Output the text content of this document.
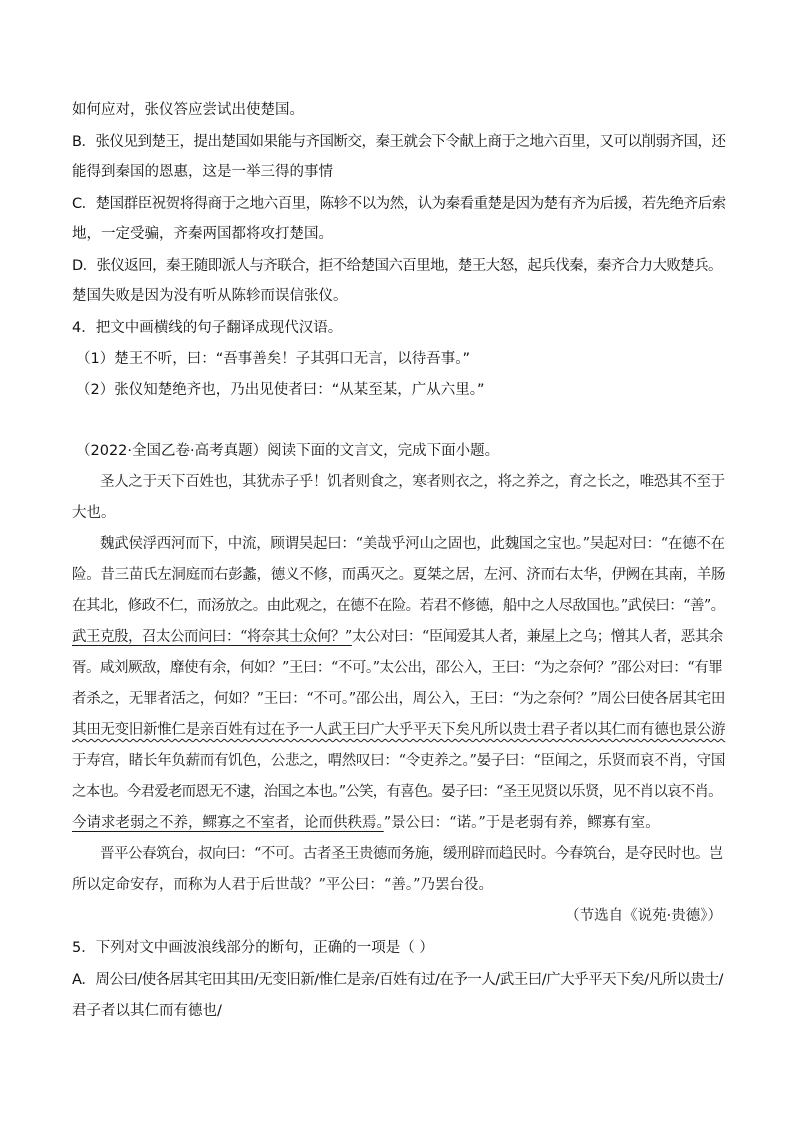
如何应对，张仪答应尝试出使楚国。
B．张仪见到楚王，提出楚国如果能与齐国断交，秦王就会下令献上商于之地六百里，又可以削弱齐国，还
能得到秦国的恩惠，这是一举三得的事情
C．楚国群臣祝贺将得商于之地六百里，陈轸不以为然，认为秦看重楚是因为楚有齐为后援，若先绝齐后索
地，一定受骗，齐秦两国都将攻打楚国。
D．张仪返回，秦王随即派人与齐联合，拒不给楚国六百里地，楚王大怒，起兵伐秦，秦齐合力大败楚兵。
楚国失败是因为没有听从陈轸而误信张仪。
4．把文中画横线的句子翻译成现代汉语。
（1）楚王不听，曰：“吾事善矣！子其弭口无言，以待吾事。”
（2）张仪知楚绝齐也，乃出见使者曰：“从某至某，广从六里。”
（2022·全国乙卷·高考真题）阅读下面的文言文，完成下面小题。
圣人之于天下百姓也，其犹赤子乎！饥者则食之，寒者则衣之，将之养之，育之长之，唯恐其不至于
大也。
魏武侯浮西河而下，中流，顾谓吴起曰：“美哉乎河山之固也，此魏国之宝也。”吴起对曰：“在德不在
险。昔三苗氏左洞庭而右彭蠡，德义不修，而禹灭之。夏桀之居，左河、济而右太华，伊阙在其南，羊肠
在其北，修政不仁，而汤放之。由此观之，在德不在险。若君不修德，船中之人尽敌国也。”武侯曰：“善”。
武王克殷，召太公而问曰：“将奈其士众何？”太公对曰：“臣闻爱其人者，兼屋上之乌；憎其人者，恶其余
胥。咸刘厥敌，靡使有余，何如？”王曰：“不可。”太公出，邵公入，王曰：“为之奈何？”邵公对曰：“有罪
者杀之，无罪者活之，何如？”王曰：“不可。”邵公出，周公入，王曰：“为之奈何？”周公曰使各居其宅田
其田无变旧新惟仁是亲百姓有过在予一人武王曰广大乎平天下矣凡所以贵士君子者以其仁而有德也景公游
于寿宫，睹长年负薪而有饥色，公悲之，喟然叹曰：“令吏养之。”晏子曰：“臣闻之，乐贤而哀不肖，守国
之本也。今君爱老而恩无不逮，治国之本也。”公笑，有喜色。晏子曰：“圣王见贤以乐贤，见不肖以哀不肖。
今请求老弱之不养，鳏寡之不室者，论而供秩焉。”景公曰：“诺。”于是老弱有养，鳏寡有室。
晋平公春筑台，叔向曰：“不可。古者圣王贵德而务施，缓刑辟而趋民时。今春筑台，是夺民时也。岂
所以定命安存，而称为人君于后世哉？”平公曰：“善。”乃罢台役。
（节选自《说苑·贵德》）
5．下列对文中画波浪线部分的断句，正确的一项是（ ）
A．周公曰/使各居其宅田其田/无变旧新/惟仁是亲/百姓有过/在予一人/武王曰/广大乎平天下矣/凡所以贵士/
君子者以其仁而有德也/
